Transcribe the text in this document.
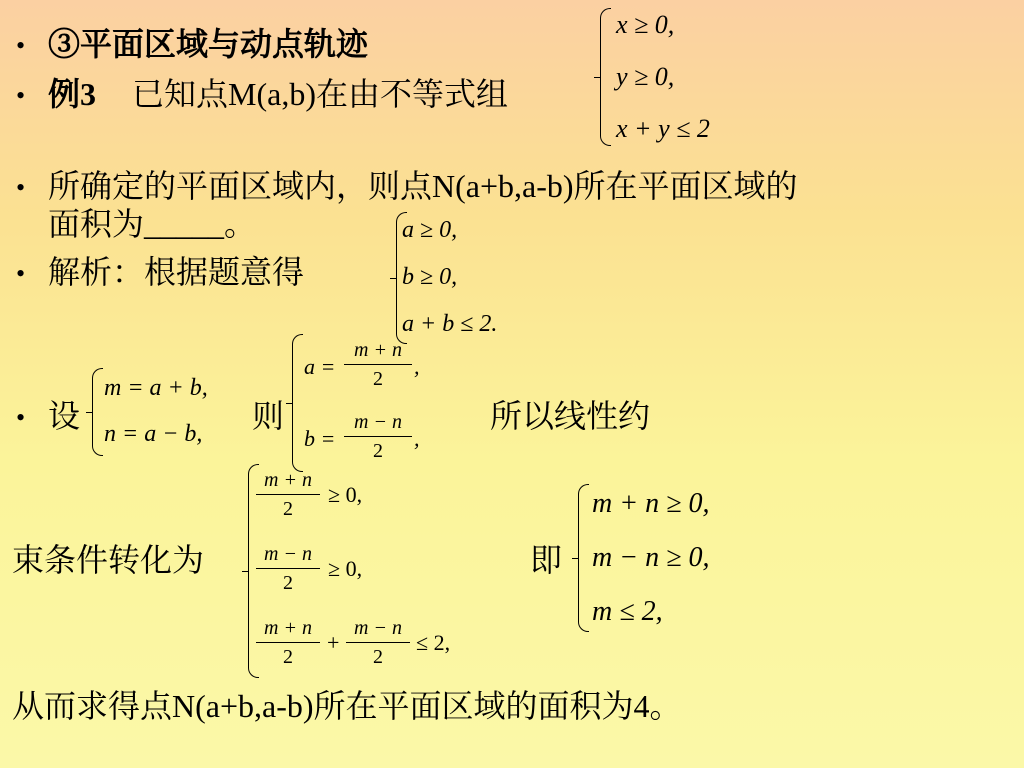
• ③平面区域与动点轨迹
• 例3 已知点M(a,b)在由不等式组
x ≥ 0,
y ≥ 0,
x + y ≤ 2
• 所确定的平面区域内，则点N(a+b,a-b)所在平面区域的
面积为_____。
• 解析：根据题意得
a ≥ 0,
b ≥ 0,
a + b ≤ 2.
• 设
m = a + b,
n = a − b, 则
a =
m + n
2	,
b =
m − n
2	,
所以线性约
束条件转化为
m + n
2
≥ 0,
m − n
2
≥ 0,
m + n
2
+
m − n
2
≤ 2,
即
m + n ≥ 0,
m − n ≥ 0,
m ≤ 2,
从而求得点N(a+b,a-b)所在平面区域的面积为4。
